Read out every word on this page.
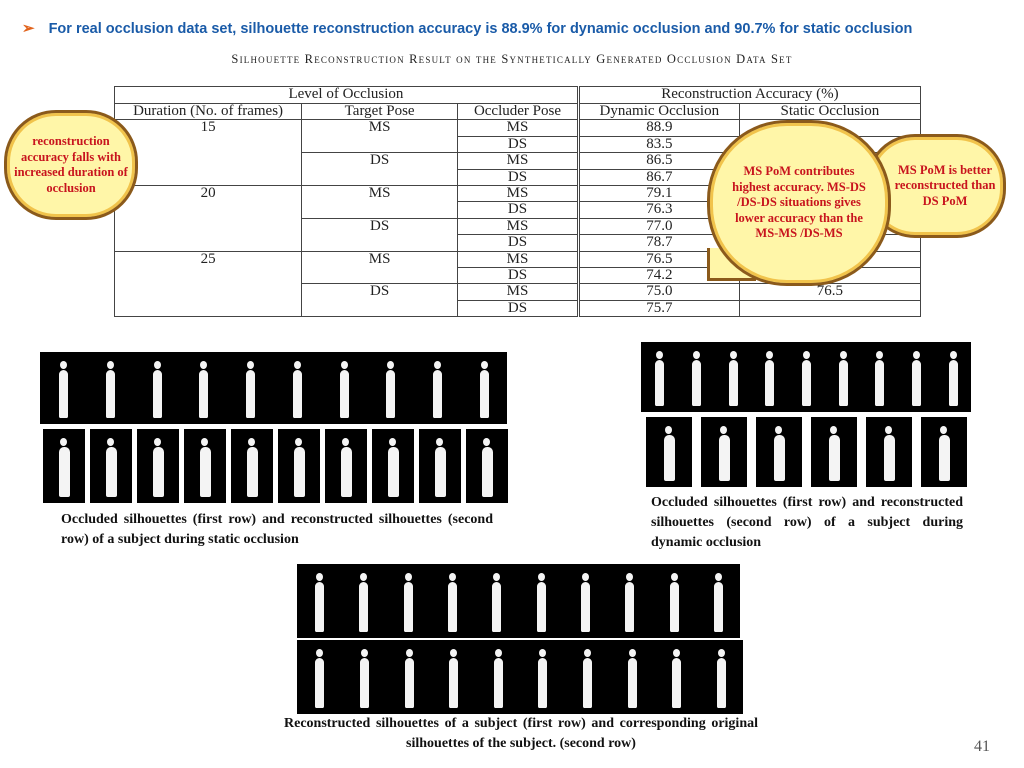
➢ For real occlusion data set, silhouette reconstruction accuracy is 88.9% for dynamic occlusion and 90.7% for static occlusion
Silhouette Reconstruction Result on the Synthetically Generated Occlusion Data Set
Level of Occlusion			Reconstruction Accuracy (%)	
Duration (No. of frames)	Target Pose	Occluder Pose	Dynamic Occlusion	Static Occlusion
15	MS	MS	88.9	
		DS	83.5	
	DS	MS	86.5	
		DS	86.7	
20	MS	MS	79.1	
		DS	76.3	
	DS	MS	77.0	
		DS	78.7	
25	MS	MS	76.5	
		DS	74.2	
	DS	MS	75.0	76.5
		DS	75.7	
reconstruction accuracy falls with increased duration of occlusion
MS PoM is better reconstructed than DS PoM
MS PoM contributes highest accuracy. MS-DS /DS-DS situations gives lower accuracy than the MS-MS /DS-MS
Occluded silhouettes (first row) and reconstructed silhouettes (second row) of a subject during static occlusion
Occluded silhouettes (first row) and reconstructed silhouettes (second row) of a subject during dynamic occlusion
Reconstructed silhouettes of a subject (first row) and corresponding original silhouettes of the subject. (second row)	41
